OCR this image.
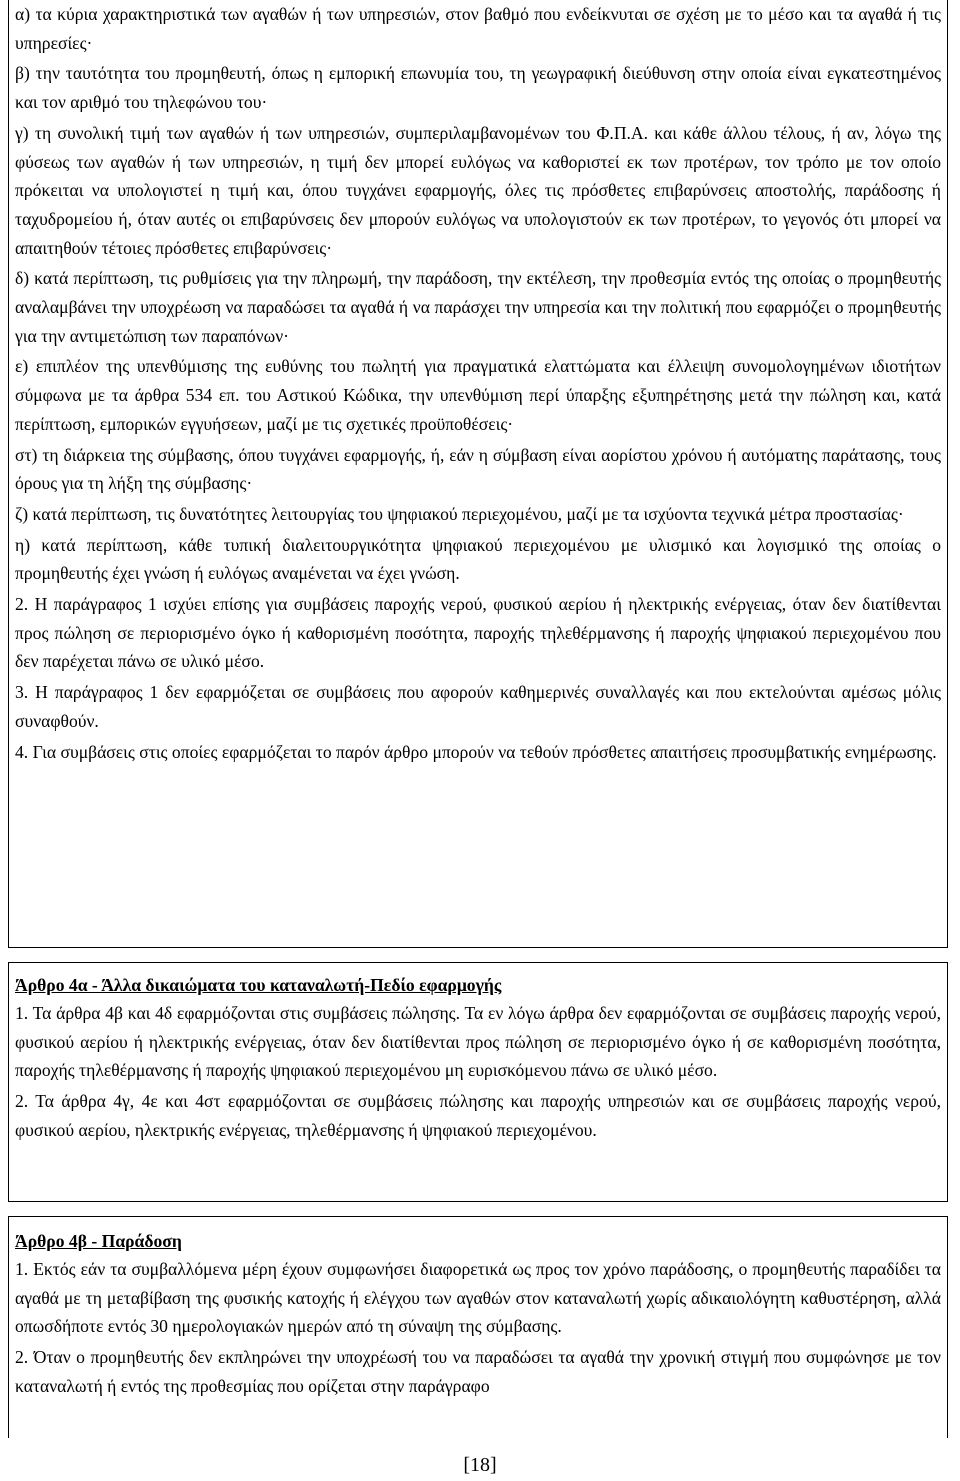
α) τα κύρια χαρακτηριστικά των αγαθών ή των υπηρεσιών, στον βαθμό που ενδείκνυται σε σχέση με το μέσο και τα αγαθά ή τις υπηρεσίες·

β) την ταυτότητα του προμηθευτή, όπως η εμπορική επωνυμία του, τη γεωγραφική διεύθυνση στην οποία είναι εγκατεστημένος και τον αριθμό του τηλεφώνου του·

γ) τη συνολική τιμή των αγαθών ή των υπηρεσιών, συμπεριλαμβανομένων του Φ.Π.Α. και κάθε άλλου τέλους, ή αν, λόγω της φύσεως των αγαθών ή των υπηρεσιών, η τιμή δεν μπορεί ευλόγως να καθοριστεί εκ των προτέρων, τον τρόπο με τον οποίο πρόκειται να υπολογιστεί η τιμή και, όπου τυγχάνει εφαρμογής, όλες τις πρόσθετες επιβαρύνσεις αποστολής, παράδοσης ή ταχυδρομείου ή, όταν αυτές οι επιβαρύνσεις δεν μπορούν ευλόγως να υπολογιστούν εκ των προτέρων, το γεγονός ότι μπορεί να απαιτηθούν τέτοιες πρόσθετες επιβαρύνσεις·

δ) κατά περίπτωση, τις ρυθμίσεις για την πληρωμή, την παράδοση, την εκτέλεση, την προθεσμία εντός της οποίας ο προμηθευτής αναλαμβάνει την υποχρέωση να παραδώσει τα αγαθά ή να παράσχει την υπηρεσία και την πολιτική που εφαρμόζει ο προμηθευτής για την αντιμετώπιση των παραπόνων·

ε) επιπλέον της υπενθύμισης της ευθύνης του πωλητή για πραγματικά ελαττώματα και έλλειψη συνομολογημένων ιδιοτήτων σύμφωνα με τα άρθρα 534 επ. του Αστικού Κώδικα, την υπενθύμιση περί ύπαρξης εξυπηρέτησης μετά την πώληση και, κατά περίπτωση, εμπορικών εγγυήσεων, μαζί με τις σχετικές προϋποθέσεις·

στ) τη διάρκεια της σύμβασης, όπου τυγχάνει εφαρμογής, ή, εάν η σύμβαση είναι αορίστου χρόνου ή αυτόματης παράτασης, τους όρους για τη λήξη της σύμβασης·

ζ) κατά περίπτωση, τις δυνατότητες λειτουργίας του ψηφιακού περιεχομένου, μαζί με τα ισχύοντα τεχνικά μέτρα προστασίας·

η) κατά περίπτωση, κάθε τυπική διαλειτουργικότητα ψηφιακού περιεχομένου με υλισμικό και λογισμικό της οποίας ο προμηθευτής έχει γνώση ή ευλόγως αναμένεται να έχει γνώση.

2. Η παράγραφος 1 ισχύει επίσης για συμβάσεις παροχής νερού, φυσικού αερίου ή ηλεκτρικής ενέργειας, όταν δεν διατίθενται προς πώληση σε περιορισμένο όγκο ή καθορισμένη ποσότητα, παροχής τηλεθέρμανσης ή παροχής ψηφιακού περιεχομένου που δεν παρέχεται πάνω σε υλικό μέσο.

3. Η παράγραφος 1 δεν εφαρμόζεται σε συμβάσεις που αφορούν καθημερινές συναλλαγές και που εκτελούνται αμέσως μόλις συναφθούν.

4. Για συμβάσεις στις οποίες εφαρμόζεται το παρόν άρθρο μπορούν να τεθούν πρόσθετες απαιτήσεις προσυμβατικής ενημέρωσης.

Άρθρο 4α - Άλλα δικαιώματα του καταναλωτή-Πεδίο εφαρμογής

1. Τα άρθρα 4β και 4δ εφαρμόζονται στις συμβάσεις πώλησης. Τα εν λόγω άρθρα δεν εφαρμόζονται σε συμβάσεις παροχής νερού, φυσικού αερίου ή ηλεκτρικής ενέργειας, όταν δεν διατίθενται προς πώληση σε περιορισμένο όγκο ή σε καθορισμένη ποσότητα, παροχής τηλεθέρμανσης ή παροχής ψηφιακού περιεχομένου μη ευρισκόμενου πάνω σε υλικό μέσο.

2. Τα άρθρα 4γ, 4ε και 4στ εφαρμόζονται σε συμβάσεις πώλησης και παροχής υπηρεσιών και σε συμβάσεις παροχής νερού, φυσικού αερίου, ηλεκτρικής ενέργειας, τηλεθέρμανσης ή ψηφιακού περιεχομένου.

Άρθρο 4β - Παράδοση

1. Εκτός εάν τα συμβαλλόμενα μέρη έχουν συμφωνήσει διαφορετικά ως προς τον χρόνο παράδοσης, ο προμηθευτής παραδίδει τα αγαθά με τη μεταβίβαση της φυσικής κατοχής ή ελέγχου των αγαθών στον καταναλωτή χωρίς αδικαιολόγητη καθυστέρηση, αλλά οπωσδήποτε εντός 30 ημερολογιακών ημερών από τη σύναψη της σύμβασης.

2. Όταν ο προμηθευτής δεν εκπληρώνει την υποχρέωσή του να παραδώσει τα αγαθά την χρονική στιγμή που συμφώνησε με τον καταναλωτή ή εντός της προθεσμίας που ορίζεται στην παράγραφο

[18]
